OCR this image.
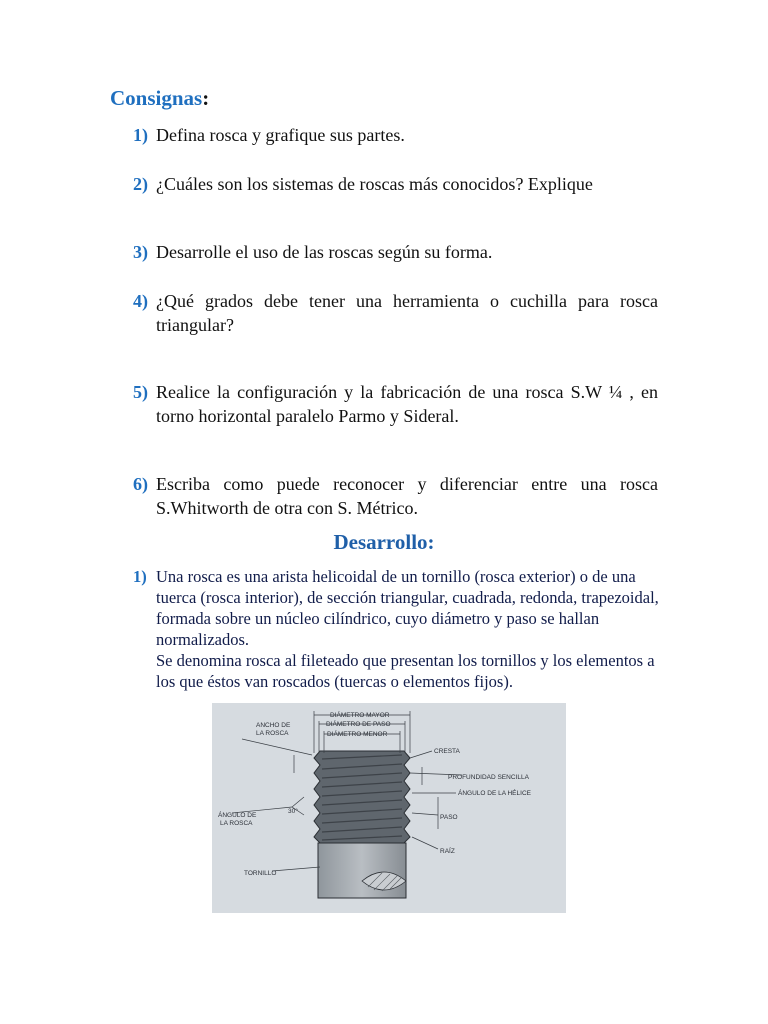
Consignas:
1) Defina rosca y grafique sus partes.
2) ¿Cuáles son los sistemas de roscas más conocidos? Explique
3) Desarrolle el uso de las roscas según su forma.
4) ¿Qué grados debe tener una herramienta o cuchilla para rosca triangular?
5) Realice la configuración y la fabricación de una rosca S.W ¼ , en torno horizontal paralelo Parmo y Sideral.
6) Escriba como puede reconocer y diferenciar entre una rosca S.Whitworth de otra con S. Métrico.
Desarrollo:
1) Una rosca es una arista helicoidal de un tornillo (rosca exterior) o de una tuerca (rosca interior), de sección triangular, cuadrada, redonda, trapezoidal, formada sobre un núcleo cilíndrico, cuyo diámetro y paso se hallan normalizados.

Se denomina rosca al fileteado que presentan los tornillos y los elementos a los que éstos van roscados (tuercas o elementos fijos).

DIÁMETRO MAYOR
DIÁMETRO DE PASO
DIÁMETRO MENOR
ANCHO DE
LA ROSCA
CRESTA
PROFUNDIDAD SENCILLA
ÁNGULO DE LA HÉLICE
ÁNGULO DE
LA ROSCA
30°
PASO
RAÍZ
TORNILLO
